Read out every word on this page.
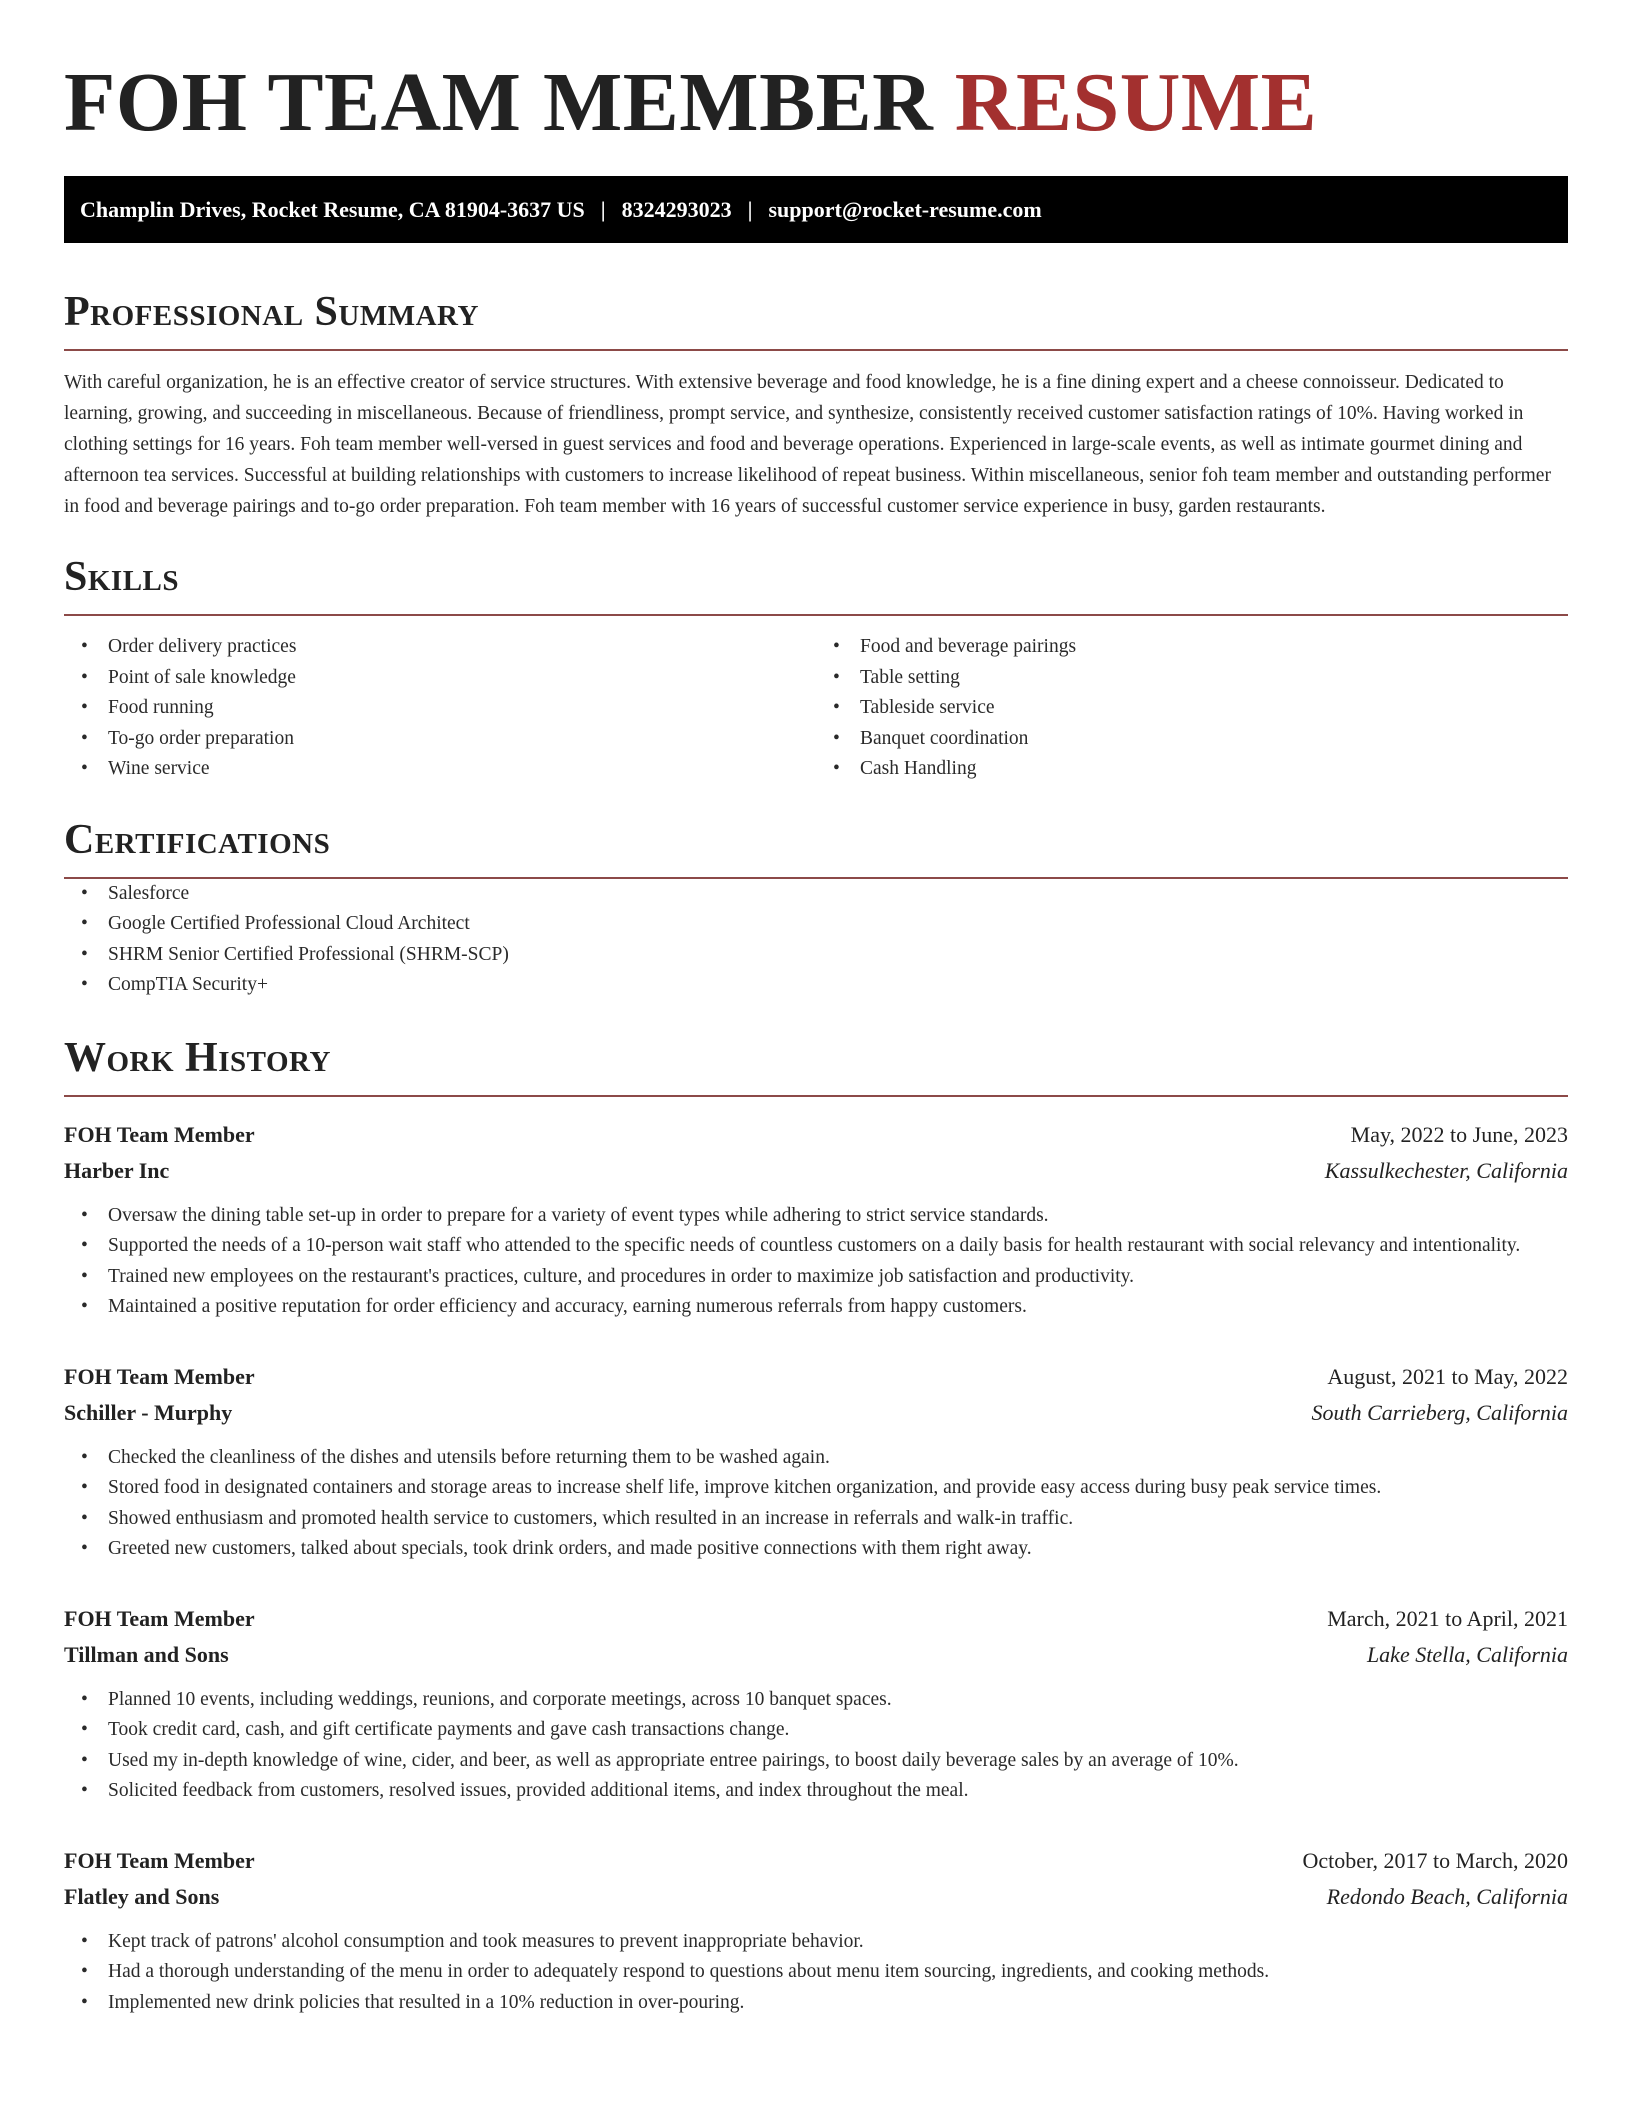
FOH TEAM MEMBER RESUME
Champlin Drives, Rocket Resume, CA 81904-3637 US | 8324293023 | support@rocket-resume.com
Professional Summary

With careful organization, he is an effective creator of service structures. With extensive beverage and food knowledge, he is a fine dining expert and a cheese connoisseur. Dedicated to learning, growing, and succeeding in miscellaneous. Because of friendliness, prompt service, and synthesize, consistently received customer satisfaction ratings of 10%. Having worked in clothing settings for 16 years. Foh team member well-versed in guest services and food and beverage operations. Experienced in large-scale events, as well as intimate gourmet dining and afternoon tea services. Successful at building relationships with customers to increase likelihood of repeat business. Within miscellaneous, senior foh team member and outstanding performer in food and beverage pairings and to-go order preparation. Foh team member with 16 years of successful customer service experience in busy, garden restaurants.

Skills
• Order delivery practices
• Point of sale knowledge
• Food running
• To-go order preparation
• Wine service
• Food and beverage pairings
• Table setting
• Tableside service
• Banquet coordination
• Cash Handling
Certifications
• Salesforce
• Google Certified Professional Cloud Architect
• SHRM Senior Certified Professional (SHRM-SCP)
• CompTIA Security+
Work History
FOH Team Member	May, 2022 to June, 2023
Harber Inc	Kassulkechester, California
• Oversaw the dining table set-up in order to prepare for a variety of event types while adhering to strict service standards.
• Supported the needs of a 10-person wait staff who attended to the specific needs of countless customers on a daily basis for health restaurant with social relevancy and intentionality.
• Trained new employees on the restaurant's practices, culture, and procedures in order to maximize job satisfaction and productivity.
• Maintained a positive reputation for order efficiency and accuracy, earning numerous referrals from happy customers.
FOH Team Member	August, 2021 to May, 2022
Schiller - Murphy	South Carrieberg, California
• Checked the cleanliness of the dishes and utensils before returning them to be washed again.
• Stored food in designated containers and storage areas to increase shelf life, improve kitchen organization, and provide easy access during busy peak service times.
• Showed enthusiasm and promoted health service to customers, which resulted in an increase in referrals and walk-in traffic.
• Greeted new customers, talked about specials, took drink orders, and made positive connections with them right away.
FOH Team Member	March, 2021 to April, 2021
Tillman and Sons	Lake Stella, California
• Planned 10 events, including weddings, reunions, and corporate meetings, across 10 banquet spaces.
• Took credit card, cash, and gift certificate payments and gave cash transactions change.
• Used my in-depth knowledge of wine, cider, and beer, as well as appropriate entree pairings, to boost daily beverage sales by an average of 10%.
• Solicited feedback from customers, resolved issues, provided additional items, and index throughout the meal.
FOH Team Member	October, 2017 to March, 2020
Flatley and Sons	Redondo Beach, California
• Kept track of patrons' alcohol consumption and took measures to prevent inappropriate behavior.
• Had a thorough understanding of the menu in order to adequately respond to questions about menu item sourcing, ingredients, and cooking methods.
• Implemented new drink policies that resulted in a 10% reduction in over-pouring.
